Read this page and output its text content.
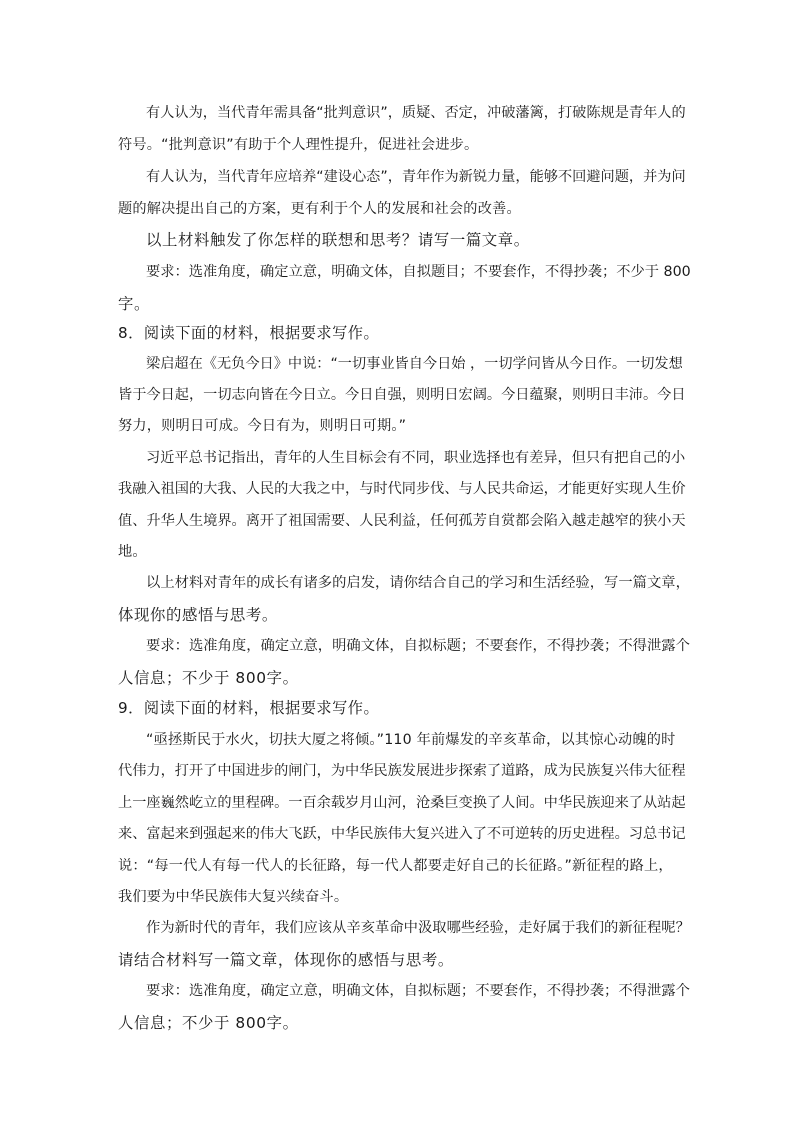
有人认为，当代青年需具备“批判意识”，质疑、否定，冲破藩篱，打破陈规是青年人的
符号。“批判意识”有助于个人理性提升，促进社会进步。
有人认为，当代青年应培养“建设心态”，青年作为新锐力量，能够不回避问题，并为问
题的解决提出自己的方案，更有利于个人的发展和社会的改善。
以上材料触发了你怎样的联想和思考？请写一篇文章。
要求：选准角度，确定立意，明确文体，自拟题目；不要套作，不得抄袭；不少于 800
字。
8．阅读下面的材料，根据要求写作。
梁启超在《无负今日》中说：“一切事业皆自今日始 ，一切学问皆从今日作。一切发想
皆于今日起，一切志向皆在今日立。今日自强，则明日宏阔。今日蕴聚，则明日丰沛。今日
努力，则明日可成。今日有为，则明日可期。”
习近平总书记指出，青年的人生目标会有不同，职业选择也有差异，但只有把自己的小
我融入祖国的大我、人民的大我之中，与时代同步伐、与人民共命运，才能更好实现人生价
值、升华人生境界。离开了祖国需要、人民利益，任何孤芳自赏都会陷入越走越窄的狭小天
地。
以上材料对青年的成长有诸多的启发，请你结合自己的学习和生活经验，写一篇文章，
体现你的感悟与思考。
要求：选准角度，确定立意，明确文体，自拟标题；不要套作，不得抄袭；不得泄露个
人信息；不少于 800字。
9．阅读下面的材料，根据要求写作。
“亟拯斯民于水火，切扶大厦之将倾。”110 年前爆发的辛亥革命，以其惊心动魄的时
代伟力，打开了中国进步的闸门，为中华民族发展进步探索了道路，成为民族复兴伟大征程
上一座巍然屹立的里程碑。一百余载岁月山河，沧桑巨变换了人间。中华民族迎来了从站起
来、富起来到强起来的伟大飞跃，中华民族伟大复兴进入了不可逆转的历史进程。习总书记
说：“每一代人有每一代人的长征路，每一代人都要走好自己的长征路。”新征程的路上，
我们要为中华民族伟大复兴续奋斗。
作为新时代的青年，我们应该从辛亥革命中汲取哪些经验，走好属于我们的新征程呢？
请结合材料写一篇文章，体现你的感悟与思考。
要求：选准角度，确定立意，明确文体，自拟标题；不要套作，不得抄袭；不得泄露个
人信息；不少于 800字。
